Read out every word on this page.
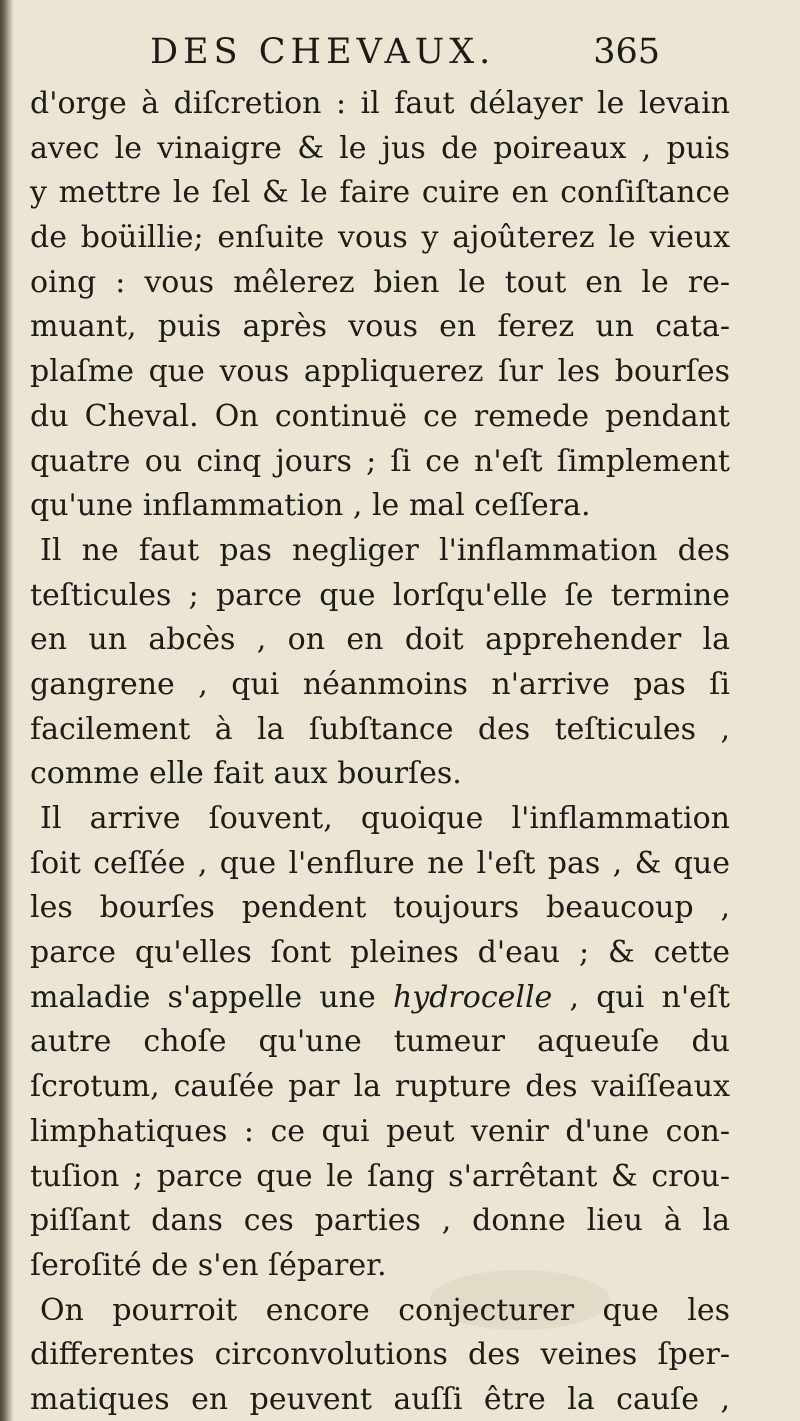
DES CHEVAUX.	365
d'orge à diſcretion : il faut délayer le levain
avec le vinaigre & le jus de poireaux , puis
y mettre le ſel & le faire cuire en conſiſtance
de boüillie; enſuite vous y ajoûterez le vieux
oing : vous mêlerez bien le tout en le re-
muant, puis après vous en ferez un cata-
plaſme que vous appliquerez ſur les bourſes
du Cheval. On continuë ce remede pendant
quatre ou cinq jours ; ſi ce n'eſt ſimplement
qu'une inflammation , le mal ceſſera.
Il ne faut pas negliger l'inflammation des
teſticules ; parce que lorſqu'elle ſe termine
en un abcès , on en doit apprehender la
gangrene , qui néanmoins n'arrive pas ſi
facilement à la ſubſtance des teſticules ,
comme elle fait aux bourſes.
Il arrive ſouvent, quoique l'inflammation
ſoit ceſſée , que l'enflure ne l'eſt pas , & que
les bourſes pendent toujours beaucoup ,
parce qu'elles ſont pleines d'eau ; & cette
maladie s'appelle une hydrocelle , qui n'eſt
autre choſe qu'une tumeur aqueuſe du
ſcrotum, cauſée par la rupture des vaiſſeaux
limphatiques : ce qui peut venir d'une con-
tuſion ; parce que le ſang s'arrêtant & crou-
piſſant dans ces parties , donne lieu à la
ſeroſité de s'en ſéparer.
On pourroit encore conjecturer que les
differentes circonvolutions des veines ſper-
matiques en peuvent auſſi être la cauſe ,
